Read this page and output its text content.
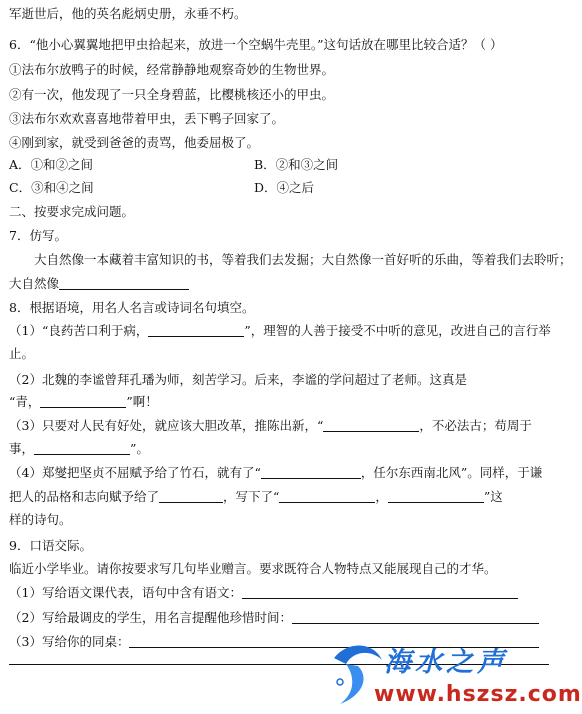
军逝世后，他的英名彪炳史册，永垂不朽。
6．“他小心翼翼地把甲虫拾起来，放进一个空蜗牛壳里。”这句话放在哪里比较合适？（ ）
①法布尔放鸭子的时候，经常静静地观察奇妙的生物世界。
②有一次，他发现了一只全身碧蓝，比樱桃核还小的甲虫。
③法布尔欢欢喜喜地带着甲虫，丢下鸭子回家了。
④刚到家，就受到爸爸的责骂，他委屈极了。
A．①和②之间	B．②和③之间
C．③和④之间	D．④之后
二、按要求完成问题。
7．仿写。
大自然像一本藏着丰富知识的书，等着我们去发掘；大自然像一首好听的乐曲，等着我们去聆听；
大自然像
8．根据语境，用名人名言或诗词名句填空。
（1）“良药苦口利于病，	”，理智的人善于接受不中听的意见，改进自己的言行举
止。
（2）北魏的李谧曾拜孔璠为师，刻苦学习。后来，李谧的学问超过了老师。这真是
“青，	”啊！
（3）只要对人民有好处，就应该大胆改革，推陈出新，“	，不必法古；苟周于
事，	”。
（4）郑燮把坚贞不屈赋予给了竹石，就有了“	，任尔东西南北风”。同样，于谦
把人的品格和志向赋予给了	，写下了“	，	”这
样的诗句。
9．口语交际。
临近小学毕业。请你按要求写几句毕业赠言。要求既符合人物特点又能展现自己的才华。
（1）写给语文课代表，语句中含有语文：
（2）写给最调皮的学生，用名言提醒他珍惜时间：
（3）写给你的同桌：
海水之声
www.hszsz.com
